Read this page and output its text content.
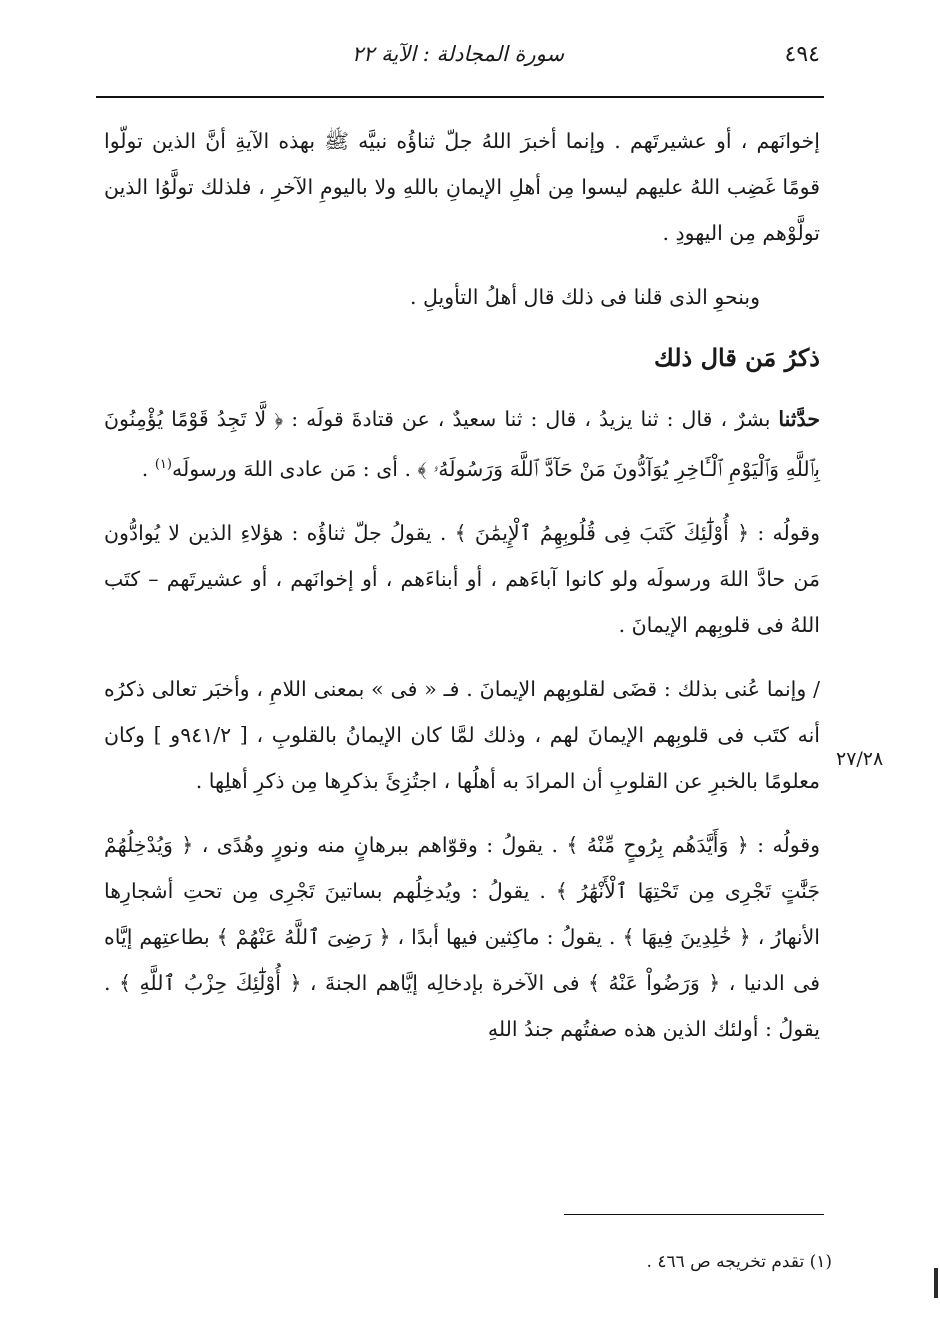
٤٩٤
سورة المجادلة : الآية ٢٢
٢٧/٢٨

إخوانَهم ، أو عشيرتَهم . وإنما أخبرَ اللهُ جلّ ثناؤُه نبيَّه ﷺ بهذه الآيةِ أنَّ الذين تولّوا قومًا غَضِب اللهُ عليهم ليسوا مِن أهلِ الإيمانِ باللهِ ولا باليومِ الآخرِ ، فلذلك تولَّوُا الذين تولَّوْهم مِن اليهودِ .

وبنحوِ الذى قلنا فى ذلك قال أهلُ التأويلِ .

ذكرُ مَن قال ذلك

حدَّثنا بشرٌ ، قال : ثنا يزيدُ ، قال : ثنا سعيدٌ ، عن قتادةَ قولَه : ﴿ لَّا تَجِدُ قَوْمًا يُؤْمِنُونَ بِٱللَّهِ وَٱلْيَوْمِ ٱلْـَٔاخِرِ يُوَآدُّونَ مَنْ حَآدَّ ٱللَّهَ وَرَسُولَهُۥ ﴾ . أى : مَن عادى اللهَ ورسولَه$^{(١)}$ .

وقولُه : ﴿ أُوْلَٰٓئِكَ كَتَبَ فِى قُلُوبِهِمُ ٱلْإِيمَٰنَ ﴾ . يقولُ جلّ ثناؤُه : هؤلاءِ الذين لا يُوادُّون مَن حادَّ اللهَ ورسولَه ولو كانوا آباءَهم ، أو أبناءَهم ، أو إخوانَهم ، أو عشيرتَهم – كتَب اللهُ فى قلوبِهم الإيمانَ .

/ وإنما عُنى بذلك : قضَى لقلوبِهم الإيمانَ . فـ « فى » بمعنى اللامِ ، وأخبَر تعالى ذكرُه أنه كتَب فى قلوبِهم الإيمانَ لهم ، وذلك لمَّا كان الإيمانُ بالقلوبِ ، [ ٩٤١/٢و ] وكان معلومًا بالخبرِ عن القلوبِ أن المرادَ به أهلُها ، اجتُزِئَ بذكرِها مِن ذكرِ أهلِها .

وقولُه : ﴿ وَأَيَّدَهُم بِرُوحٍ مِّنْهُ ﴾ . يقولُ : وقوّاهم ببرهانٍ منه ونورٍ وهُدًى ، ﴿ وَيُدْخِلُهُمْ جَنَّٰتٍ تَجْرِى مِن تَحْتِهَا ٱلْأَنْهَٰرُ ﴾ . يقولُ : ويُدخِلُهم بساتينَ تَجْرِى مِن تحتِ أشجارِها الأنهارُ ، ﴿ خَٰلِدِينَ فِيهَا ﴾ . يقولُ : ماكِثين فيها أبدًا ، ﴿ رَضِىَ ٱللَّهُ عَنْهُمْ ﴾ بطاعتِهم إيَّاه فى الدنيا ، ﴿ وَرَضُواْ عَنْهُ ﴾ فى الآخرة بإدخالِه إيَّاهم الجنةَ ، ﴿ أُوْلَٰٓئِكَ حِزْبُ ٱللَّهِ ﴾ . يقولُ : أولئك الذين هذه صفتُهم جندُ اللهِ

(١) تقدم تخريجه ص ٤٦٦ .
